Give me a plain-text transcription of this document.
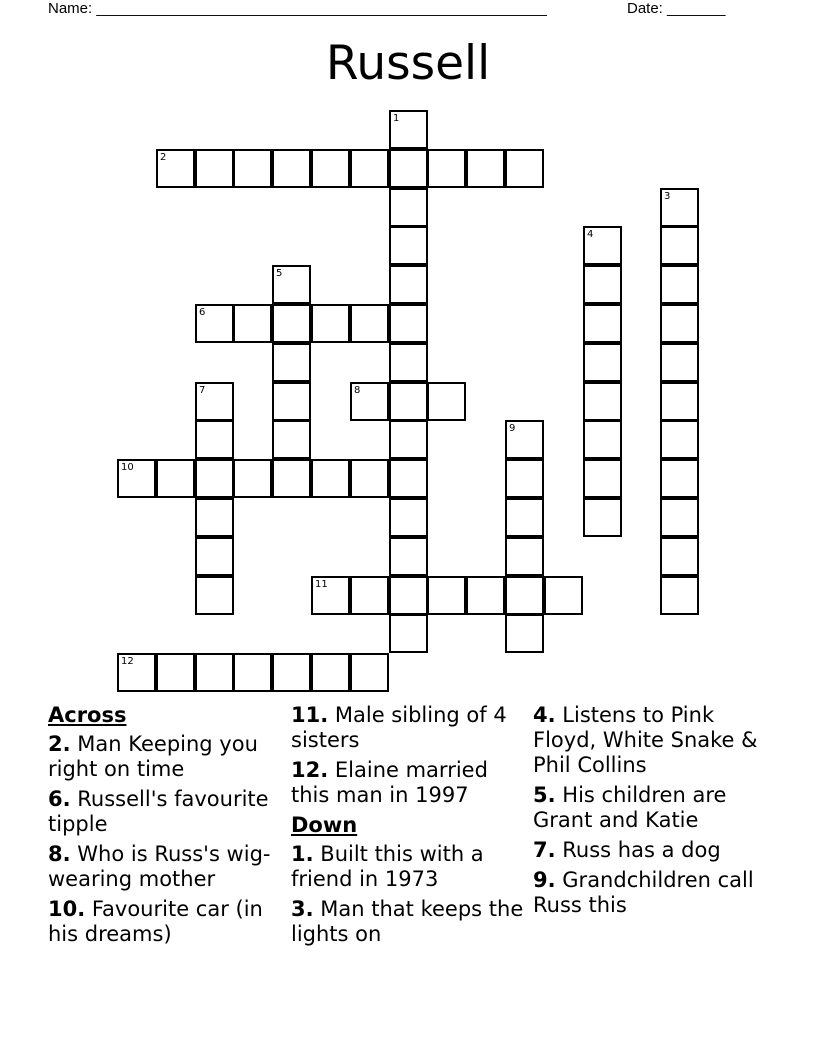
Name: ______________________________________________________	Date: _______
Russell
1
2
3
4
5
6
7	8
9
10
11
12
Across
2. Man Keeping you right on time
6. Russell's favourite tipple
8. Who is Russ's wig-wearing mother
10. Favourite car (in his dreams)
11. Male sibling of 4 sisters
12. Elaine married this man in 1997
Down
1. Built this with a friend in 1973
3. Man that keeps the lights on
4. Listens to Pink Floyd, White Snake & Phil Collins
5. His children are Grant and Katie
7. Russ has a dog
9. Grandchildren call Russ this
